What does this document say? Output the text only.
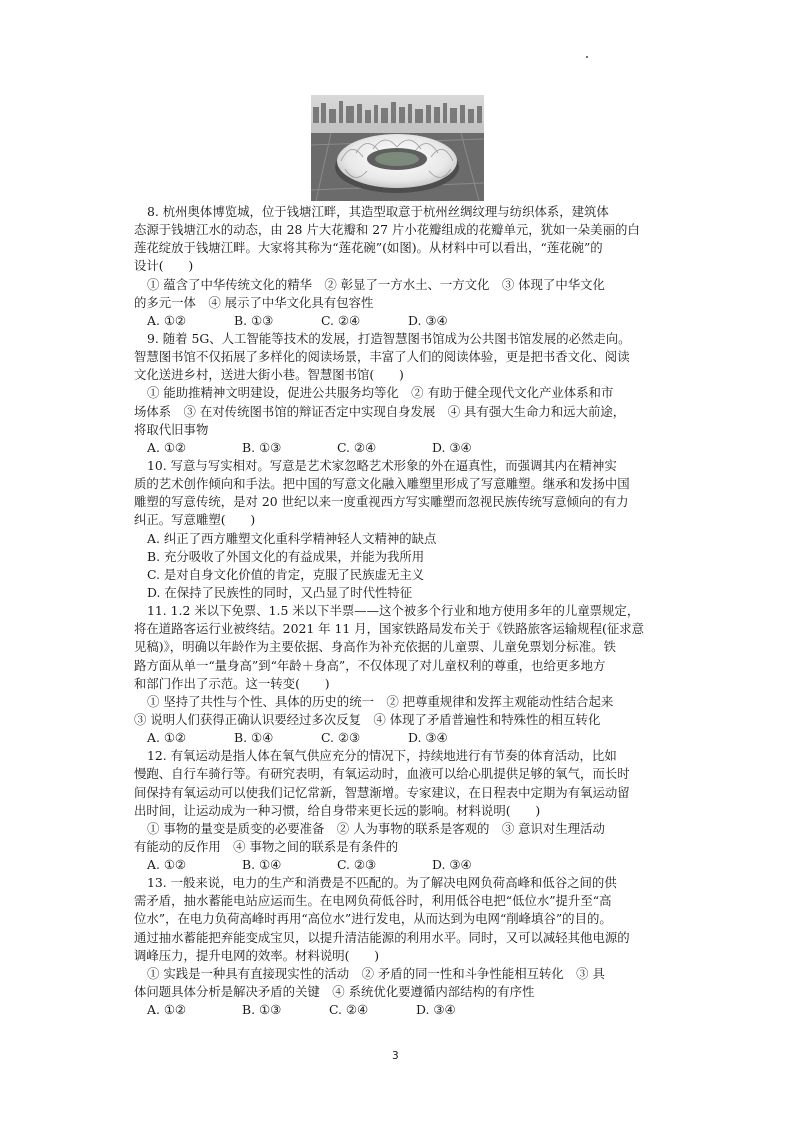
8. 杭州奥体博览城，位于钱塘江畔，其造型取意于杭州丝绸纹理与纺织体系，建筑体
态源于钱塘江水的动态，由 28 片大花瓣和 27 片小花瓣组成的花瓣单元，犹如一朵美丽的白
莲花绽放于钱塘江畔。大家将其称为“莲花碗”(如图)。从材料中可以看出，“莲花碗”的
设计(　　)
① 蕴含了中华传统文化的精华　② 彰显了一方水土、一方文化　③ 体现了中华文化
的多元一体　④ 展示了中华文化具有包容性
A. ①②	B. ①③	C. ②④	D. ③④
9. 随着 5G、人工智能等技术的发展，打造智慧图书馆成为公共图书馆发展的必然走向。
智慧图书馆不仅拓展了多样化的阅读场景，丰富了人们的阅读体验，更是把书香文化、阅读
文化送进乡村，送进大街小巷。智慧图书馆(　　)
① 能助推精神文明建设，促进公共服务均等化　② 有助于健全现代文化产业体系和市
场体系　③ 在对传统图书馆的辩证否定中实现自身发展　④ 具有强大生命力和远大前途，
将取代旧事物
A. ①②	B. ①③	C. ②④	D. ③④
10. 写意与写实相对。写意是艺术家忽略艺术形象的外在逼真性，而强调其内在精神实
质的艺术创作倾向和手法。把中国的写意文化融入雕塑里形成了写意雕塑。继承和发扬中国
雕塑的写意传统，是对 20 世纪以来一度重视西方写实雕塑而忽视民族传统写意倾向的有力
纠正。写意雕塑(　　)
A. 纠正了西方雕塑文化重科学精神轻人文精神的缺点
B. 充分吸收了外国文化的有益成果，并能为我所用
C. 是对自身文化价值的肯定，克服了民族虚无主义
D. 在保持了民族性的同时，又凸显了时代性特征
11. 1.2 米以下免票、1.5 米以下半票——这个被多个行业和地方使用多年的儿童票规定，
将在道路客运行业被终结。2021 年 11 月，国家铁路局发布关于《铁路旅客运输规程(征求意
见稿)》，明确以年龄作为主要依据、身高作为补充依据的儿童票、儿童免票划分标准。铁
路方面从单一“量身高”到“年龄＋身高”，不仅体现了对儿童权利的尊重，也给更多地方
和部门作出了示范。这一转变(　　)
① 坚持了共性与个性、具体的历史的统一　② 把尊重规律和发挥主观能动性结合起来
③ 说明人们获得正确认识要经过多次反复　④ 体现了矛盾普遍性和特殊性的相互转化
A. ①②	B. ①④	C. ②③	D. ③④
12. 有氧运动是指人体在氧气供应充分的情况下，持续地进行有节奏的体育活动，比如
慢跑、自行车骑行等。有研究表明，有氧运动时，血液可以给心肌提供足够的氧气，而长时
间保持有氧运动可以使我们记忆常新，智慧渐增。专家建议，在日程表中定期为有氧运动留
出时间，让运动成为一种习惯，给自身带来更长远的影响。材料说明(　　)
① 事物的量变是质变的必要准备　② 人为事物的联系是客观的　③ 意识对生理活动
有能动的反作用　④ 事物之间的联系是有条件的
A. ①②	B. ①④	C. ②③	D. ③④
13. 一般来说，电力的生产和消费是不匹配的。为了解决电网负荷高峰和低谷之间的供
需矛盾，抽水蓄能电站应运而生。在电网负荷低谷时，利用低谷电把“低位水”提升至“高
位水”，在电力负荷高峰时再用“高位水”进行发电，从而达到为电网“削峰填谷”的目的。
通过抽水蓄能把弃能变成宝贝，以提升清洁能源的利用水平。同时，又可以减轻其他电源的
调峰压力，提升电网的效率。材料说明(　　)
① 实践是一种具有直接现实性的活动　② 矛盾的同一性和斗争性能相互转化　③ 具
体问题具体分析是解决矛盾的关键　④ 系统优化要遵循内部结构的有序性
A. ①②	B. ①③	C. ②④	D. ③④
3
